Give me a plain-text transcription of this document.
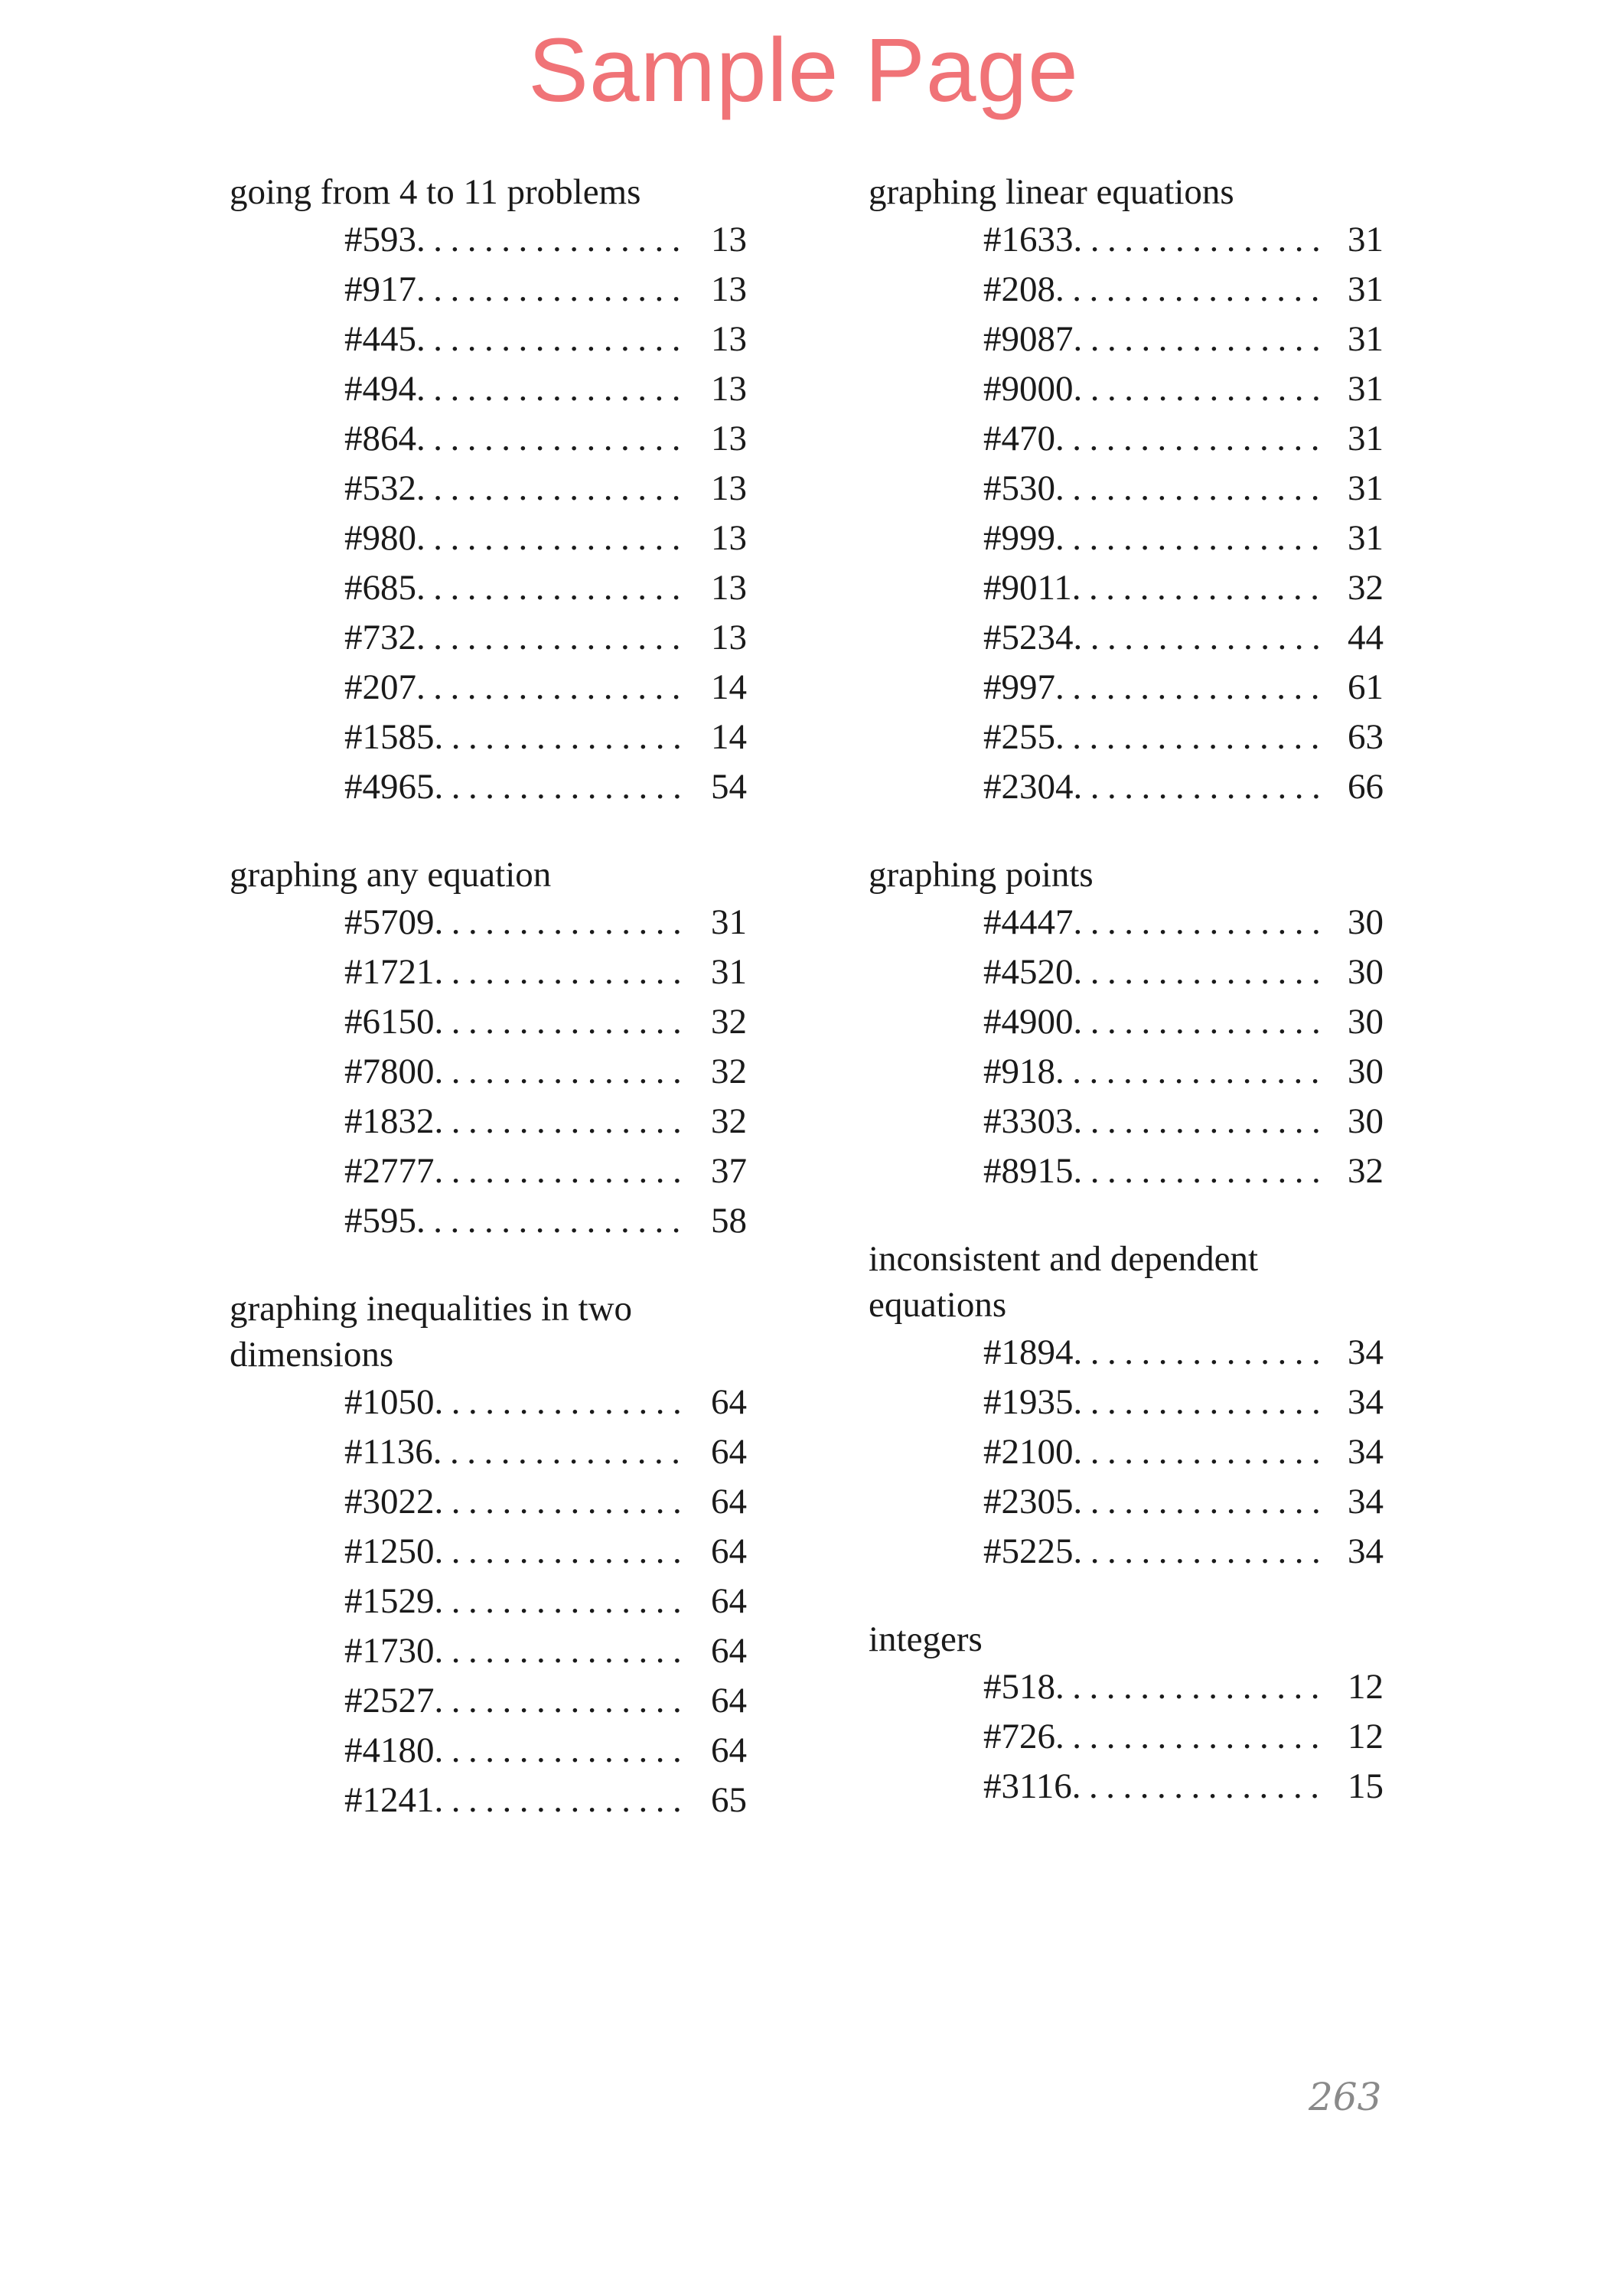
Sample Page
going from 4 to 11 problems
#593................ 13
#917................ 13
#445................ 13
#494................ 13
#864................ 13
#532................ 13
#980................ 13
#685................ 13
#732................ 13
#207................ 14
#1585............... 14
#4965............... 54
graphing any equation
#5709............... 31
#1721............... 31
#6150............... 32
#7800............... 32
#1832............... 32
#2777............... 37
#595................ 58
graphing inequalities in two
dimensions
#1050............... 64
#1136............... 64
#3022............... 64
#1250............... 64
#1529............... 64
#1730............... 64
#2527............... 64
#4180............... 64
#1241............... 65
graphing linear equations
#1633............... 31
#208................ 31
#9087............... 31
#9000............... 31
#470................ 31
#530................ 31
#999................ 31
#9011............... 32
#5234............... 44
#997................ 61
#255................ 63
#2304............... 66
graphing points
#4447............... 30
#4520............... 30
#4900............... 30
#918................ 30
#3303............... 30
#8915............... 32
inconsistent and dependent
equations
#1894............... 34
#1935............... 34
#2100............... 34
#2305............... 34
#5225............... 34
integers
#518................ 12
#726................ 12
#3116............... 15
263
